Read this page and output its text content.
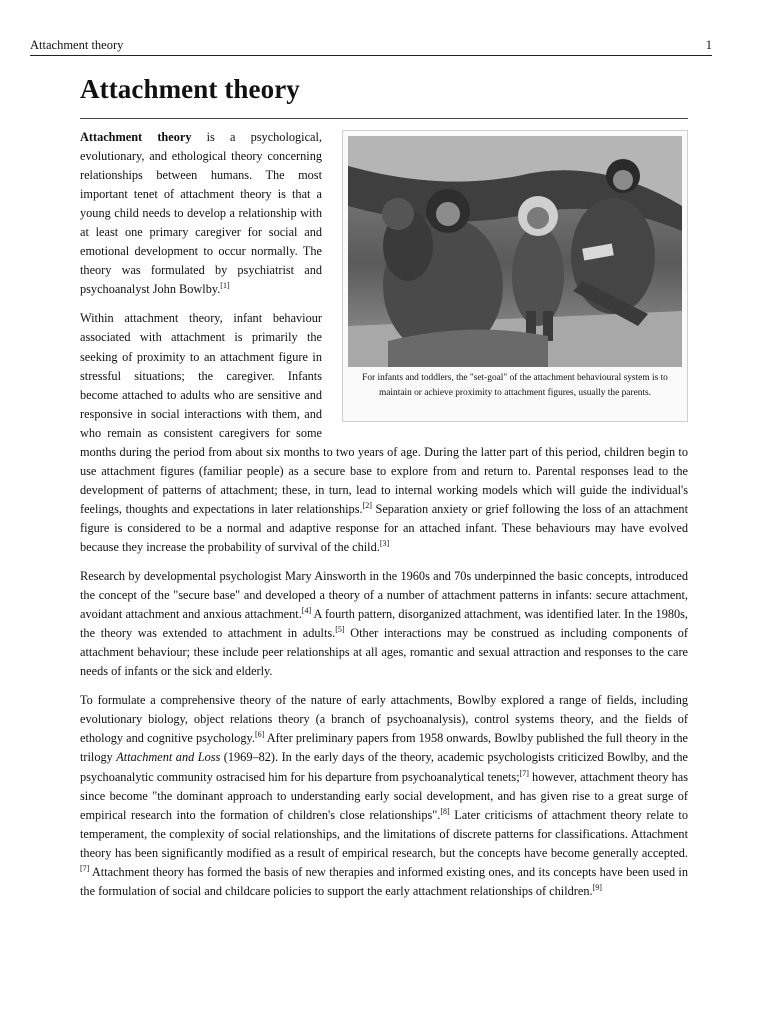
Attachment theory	1
Attachment theory
For infants and toddlers, the "set-goal" of the attachment behavioural system is to maintain or achieve proximity to attachment figures, usually the parents.

Attachment theory is a psychological, evolutionary, and ethological theory concerning relationships between humans. The most important tenet of attachment theory is that a young child needs to develop a relationship with at least one primary caregiver for social and emotional development to occur normally. The theory was formulated by psychiatrist and psychoanalyst John Bowlby.[1]

Within attachment theory, infant behaviour associated with attachment is primarily the seeking of proximity to an attachment figure in stressful situations; the caregiver. Infants become attached to adults who are sensitive and responsive in social interactions with them, and who remain as consistent caregivers for some months during the period from about six months to two years of age. During the latter part of this period, children begin to use attachment figures (familiar people) as a secure base to explore from and return to. Parental responses lead to the development of patterns of attachment; these, in turn, lead to internal working models which will guide the individual's feelings, thoughts and expectations in later relationships.[2] Separation anxiety or grief following the loss of an attachment figure is considered to be a normal and adaptive response for an attached infant. These behaviours may have evolved because they increase the probability of survival of the child.[3]

Research by developmental psychologist Mary Ainsworth in the 1960s and 70s underpinned the basic concepts, introduced the concept of the "secure base" and developed a theory of a number of attachment patterns in infants: secure attachment, avoidant attachment and anxious attachment.[4] A fourth pattern, disorganized attachment, was identified later. In the 1980s, the theory was extended to attachment in adults.[5] Other interactions may be construed as including components of attachment behaviour; these include peer relationships at all ages, romantic and sexual attraction and responses to the care needs of infants or the sick and elderly.

To formulate a comprehensive theory of the nature of early attachments, Bowlby explored a range of fields, including evolutionary biology, object relations theory (a branch of psychoanalysis), control systems theory, and the fields of ethology and cognitive psychology.[6] After preliminary papers from 1958 onwards, Bowlby published the full theory in the trilogy Attachment and Loss (1969–82). In the early days of the theory, academic psychologists criticized Bowlby, and the psychoanalytic community ostracised him for his departure from psychoanalytical tenets;[7] however, attachment theory has since become "the dominant approach to understanding early social development, and has given rise to a great surge of empirical research into the formation of children's close relationships".[8] Later criticisms of attachment theory relate to temperament, the complexity of social relationships, and the limitations of discrete patterns for classifications. Attachment theory has been significantly modified as a result of empirical research, but the concepts have become generally accepted.[7] Attachment theory has formed the basis of new therapies and informed existing ones, and its concepts have been used in the formulation of social and childcare policies to support the early attachment relationships of children.[9]
